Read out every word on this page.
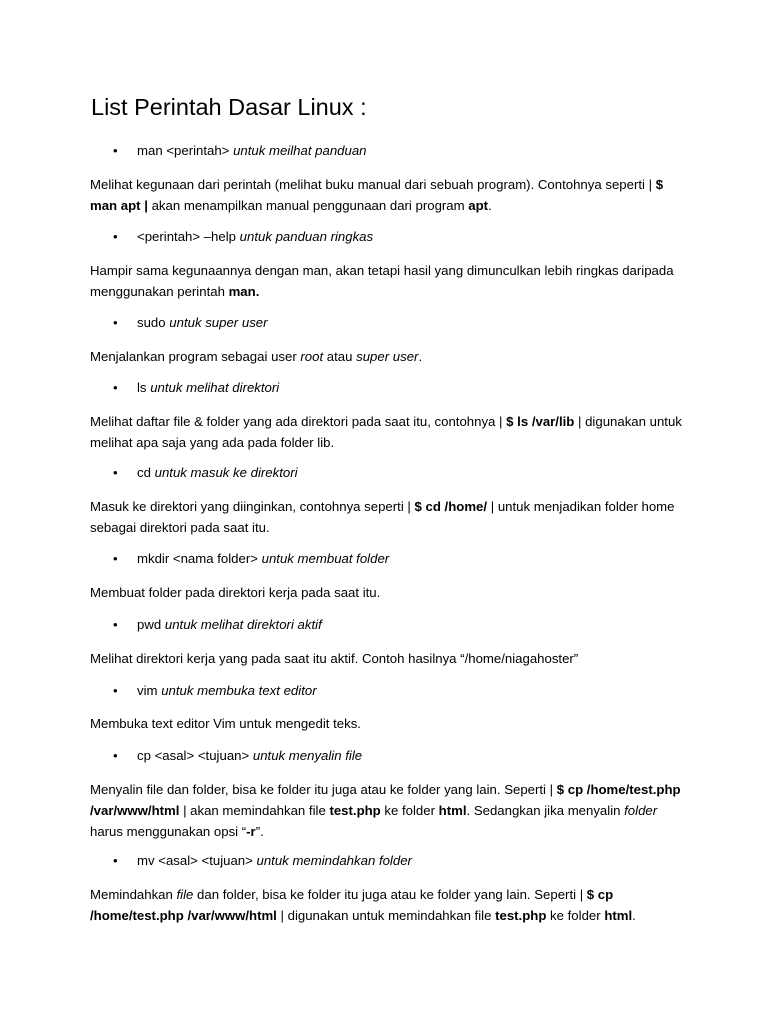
List Perintah Dasar Linux :
• man <perintah> untuk meilhat panduan

Melihat kegunaan dari perintah (melihat buku manual dari sebuah program). Contohnya seperti | $ man apt | akan menampilkan manual penggunaan dari program apt.

• <perintah> –help untuk panduan ringkas

Hampir sama kegunaannya dengan man, akan tetapi hasil yang dimunculkan lebih ringkas daripada menggunakan perintah man.

• sudo untuk super user

Menjalankan program sebagai user root atau super user.

• ls untuk melihat direktori

Melihat daftar file & folder yang ada direktori pada saat itu, contohnya | $ ls /var/lib | digunakan untuk melihat apa saja yang ada pada folder lib.

• cd untuk masuk ke direktori

Masuk ke direktori yang diinginkan, contohnya seperti | $ cd /home/ | untuk menjadikan folder home sebagai direktori pada saat itu.

• mkdir <nama folder> untuk membuat folder

Membuat folder pada direktori kerja pada saat itu.

• pwd untuk melihat direktori aktif

Melihat direktori kerja yang pada saat itu aktif. Contoh hasilnya “/home/niagahoster”

• vim untuk membuka text editor

Membuka text editor Vim untuk mengedit teks.

• cp <asal> <tujuan> untuk menyalin file

Menyalin file dan folder, bisa ke folder itu juga atau ke folder yang lain. Seperti | $ cp /home/test.php /var/www/html | akan memindahkan file test.php ke folder html. Sedangkan jika menyalin folder harus menggunakan opsi “-r”.

• mv <asal> <tujuan> untuk memindahkan folder

Memindahkan file dan folder, bisa ke folder itu juga atau ke folder yang lain. Seperti | $ cp /home/test.php /var/www/html | digunakan untuk memindahkan file test.php ke folder html.
